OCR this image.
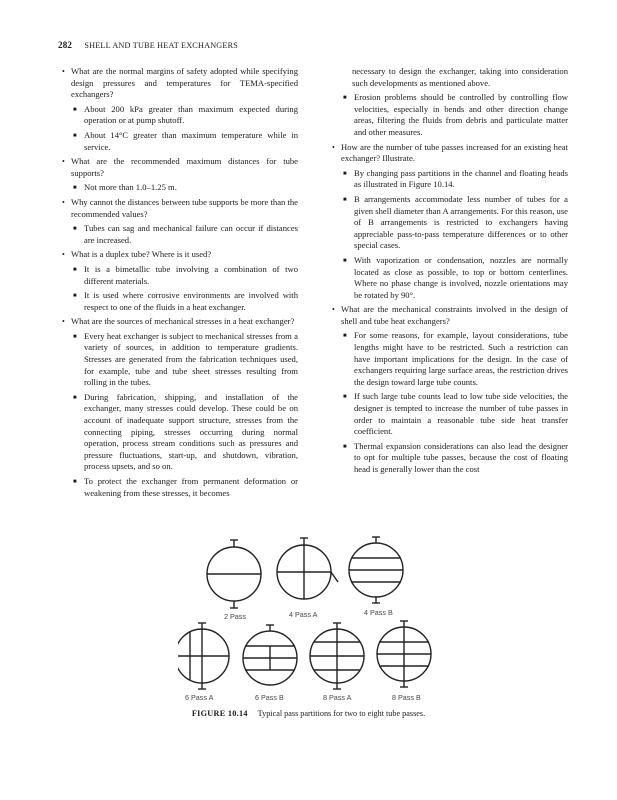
282 SHELL AND TUBE HEAT EXCHANGERS
• What are the normal margins of safety adopted while specifying design pressures and temperatures for TEMA-specified exchangers?
■ About 200 kPa greater than maximum expected during operation or at pump shutoff.
■ About 14°C greater than maximum temperature while in service.
• What are the recommended maximum distances for tube supports?
■ Not more than 1.0–1.25 m.
• Why cannot the distances between tube supports be more than the recommended values?
■ Tubes can sag and mechanical failure can occur if distances are increased.
• What is a duplex tube? Where is it used?
■ It is a bimetallic tube involving a combination of two different materials.
■ It is used where corrosive environments are involved with respect to one of the fluids in a heat exchanger.
• What are the sources of mechanical stresses in a heat exchanger?
■ Every heat exchanger is subject to mechanical stresses from a variety of sources, in addition to temperature gradients. Stresses are generated from the fabrication techniques used, for example, tube and tube sheet stresses resulting from rolling in the tubes.
■ During fabrication, shipping, and installation of the exchanger, many stresses could develop. These could be on account of inadequate support structure, stresses from the connecting piping, stresses occurring during normal operation, process stream conditions such as pressures and pressure fluctuations, start-up, and shutdown, vibration, process upsets, and so on.
■ To protect the exchanger from permanent deformation or weakening from these stresses, it becomes
necessary to design the exchanger, taking into consideration such developments as mentioned above.
■ Erosion problems should be controlled by controlling flow velocities, especially in bends and other direction change areas, filtering the fluids from debris and particulate matter and other measures.
• How are the number of tube passes increased for an existing heat exchanger? Illustrate.
■ By changing pass partitions in the channel and floating heads as illustrated in Figure 10.14.
■ B arrangements accommodate less number of tubes for a given shell diameter than A arrangements. For this reason, use of B arrangements is restricted to exchangers having appreciable pass-to-pass temperature differences or to other special cases.
■ With vaporization or condensation, nozzles are normally located as close as possible, to top or bottom centerlines. Where no phase change is involved, nozzle orientations may be rotated by 90°.
• What are the mechanical constraints involved in the design of shell and tube heat exchangers?
■ For some reasons, for example, layout considerations, tube lengths might have to be restricted. Such a restriction can have important implications for the design. In the case of exchangers requiring large surface areas, the restriction drives the design toward large tube counts.
■ If such large tube counts lead to low tube side velocities, the designer is tempted to increase the number of tube passes in order to maintain a reasonable tube side heat transfer coefficient.
■ Thermal expansion considerations can also lead the designer to opt for multiple tube passes, because the cost of floating head is generally lower than the cost
2 Pass	4 Pass A	4 Pass B
6 Pass A	6 Pass B	8 Pass A	8 Pass B
FIGURE 10.14 Typical pass partitions for two to eight tube passes.
